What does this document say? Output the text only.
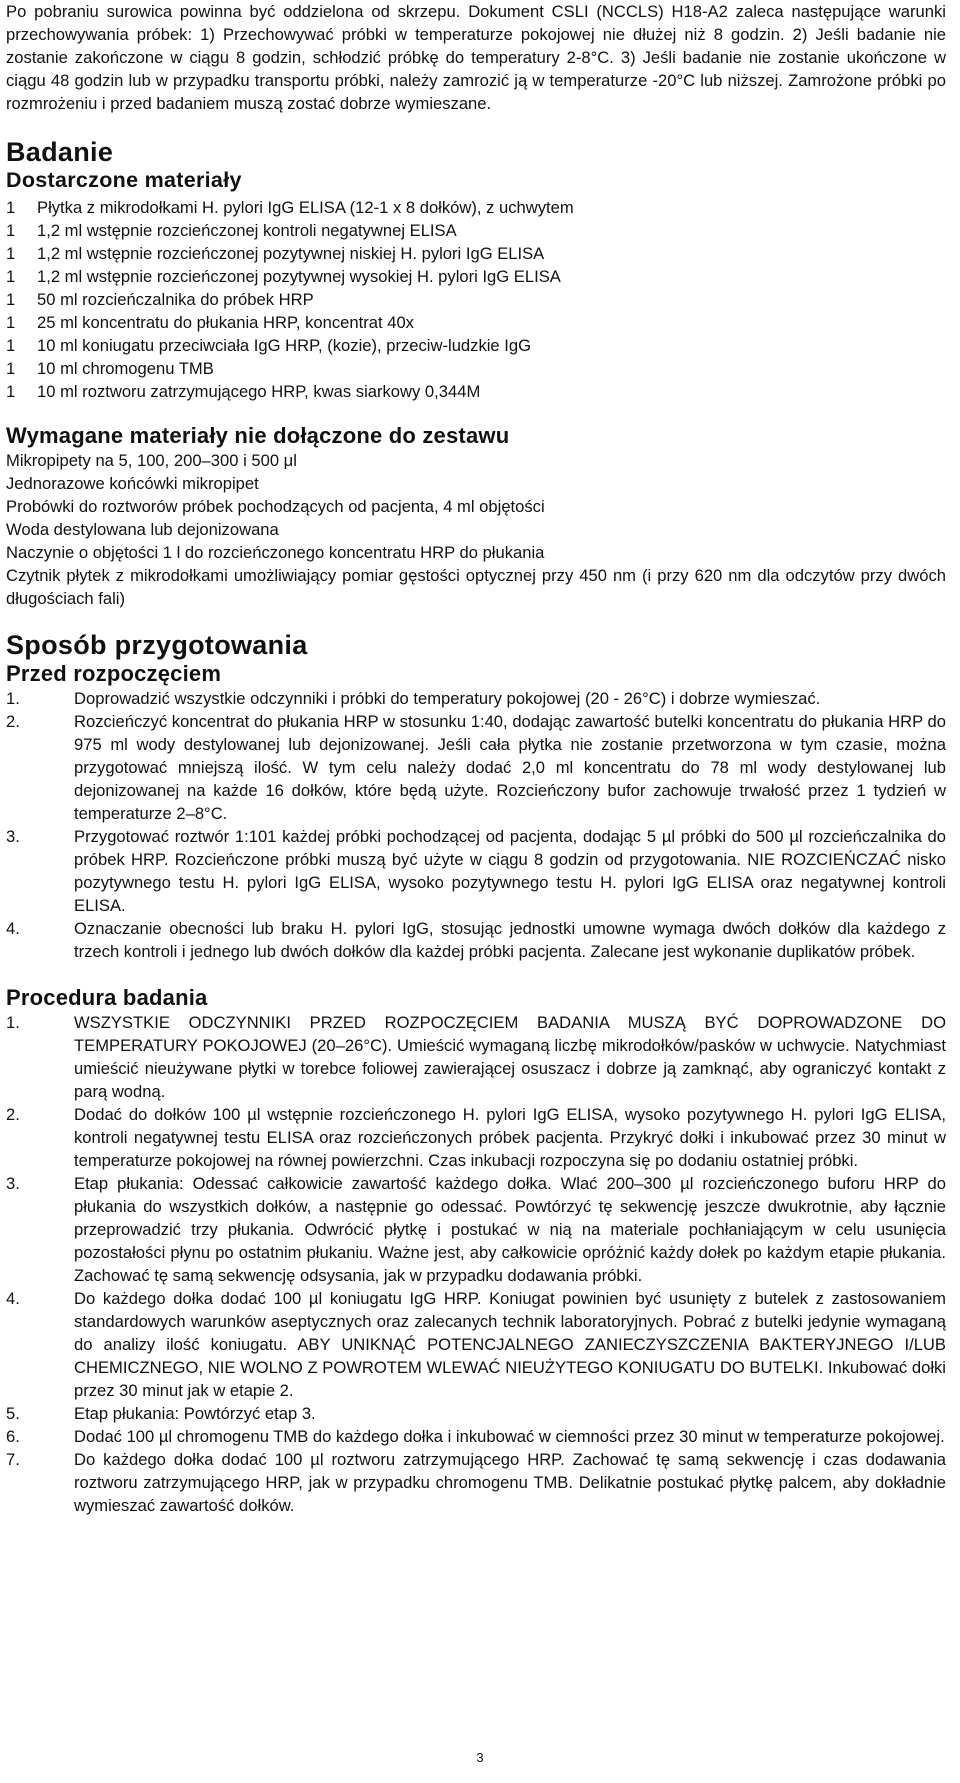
Po pobraniu surowica powinna być oddzielona od skrzepu. Dokument CSLI (NCCLS) H18-A2 zaleca następujące warunki przechowywania próbek: 1) Przechowywać próbki w temperaturze pokojowej nie dłużej niż 8 godzin. 2) Jeśli badanie nie zostanie zakończone w ciągu 8 godzin, schłodzić próbkę do temperatury 2-8°C. 3) Jeśli badanie nie zostanie ukończone w ciągu 48 godzin lub w przypadku transportu próbki, należy zamrozić ją w temperaturze -20°C lub niższej. Zamrożone próbki po rozmrożeniu i przed badaniem muszą zostać dobrze wymieszane.

Badanie
Dostarczone materiały
1	Płytka z mikrodołkami H. pylori IgG ELISA (12-1 x 8 dołków), z uchwytem
1	1,2 ml wstępnie rozcieńczonej kontroli negatywnej ELISA
1	1,2 ml wstępnie rozcieńczonej pozytywnej niskiej H. pylori IgG ELISA
1	1,2 ml wstępnie rozcieńczonej pozytywnej wysokiej H. pylori IgG ELISA
1	50 ml rozcieńczalnika do próbek HRP
1	25 ml koncentratu do płukania HRP, koncentrat 40x
1	10 ml koniugatu przeciwciała IgG HRP, (kozie), przeciw-ludzkie IgG
1	10 ml chromogenu TMB
1	10 ml roztworu zatrzymującego HRP, kwas siarkowy 0,344M
Wymagane materiały nie dołączone do zestawu

Mikropipety na 5, 100, 200–300 i 500 μl

Jednorazowe końcówki mikropipet

Probówki do roztworów próbek pochodzących od pacjenta, 4 ml objętości

Woda destylowana lub dejonizowana

Naczynie o objętości 1 l do rozcieńczonego koncentratu HRP do płukania

Czytnik płytek z mikrodołkami umożliwiający pomiar gęstości optycznej przy 450 nm (i przy 620 nm dla odczytów przy dwóch długościach fali)

Sposób przygotowania
Przed rozpoczęciem
1.	Doprowadzić wszystkie odczynniki i próbki do temperatury pokojowej (20 - 26°C) i dobrze wymieszać.
2.	Rozcieńczyć koncentrat do płukania HRP w stosunku 1:40, dodając zawartość butelki koncentratu do płukania HRP do 975 ml wody destylowanej lub dejonizowanej. Jeśli cała płytka nie zostanie przetworzona w tym czasie, można przygotować mniejszą ilość. W tym celu należy dodać 2,0 ml koncentratu do 78 ml wody destylowanej lub dejonizowanej na każde 16 dołków, które będą użyte. Rozcieńczony bufor zachowuje trwałość przez 1 tydzień w temperaturze 2–8°C.
3.	Przygotować roztwór 1:101 każdej próbki pochodzącej od pacjenta, dodając 5 µl próbki do 500 µl rozcieńczalnika do próbek HRP. Rozcieńczone próbki muszą być użyte w ciągu 8 godzin od przygotowania. NIE ROZCIEŃCZAĆ nisko pozytywnego testu H. pylori IgG ELISA, wysoko pozytywnego testu H. pylori IgG ELISA oraz negatywnej kontroli ELISA.
4.	Oznaczanie obecności lub braku H. pylori IgG, stosując jednostki umowne wymaga dwóch dołków dla każdego z trzech kontroli i jednego lub dwóch dołków dla każdej próbki pacjenta. Zalecane jest wykonanie duplikatów próbek.
Procedura badania
1.	WSZYSTKIE ODCZYNNIKI PRZED ROZPOCZĘCIEM BADANIA MUSZĄ BYĆ DOPROWADZONE DO TEMPERATURY POKOJOWEJ (20–26°C). Umieścić wymaganą liczbę mikrodołków/pasków w uchwycie. Natychmiast umieścić nieużywane płytki w torebce foliowej zawierającej osuszacz i dobrze ją zamknąć, aby ograniczyć kontakt z parą wodną.
2.	Dodać do dołków 100 µl wstępnie rozcieńczonego H. pylori IgG ELISA, wysoko pozytywnego H. pylori IgG ELISA, kontroli negatywnej testu ELISA oraz rozcieńczonych próbek pacjenta. Przykryć dołki i inkubować przez 30 minut w temperaturze pokojowej na równej powierzchni. Czas inkubacji rozpoczyna się po dodaniu ostatniej próbki.
3.	Etap płukania: Odessać całkowicie zawartość każdego dołka. Wlać 200–300 µl rozcieńczonego buforu HRP do płukania do wszystkich dołków, a następnie go odessać. Powtórzyć tę sekwencję jeszcze dwukrotnie, aby łącznie przeprowadzić trzy płukania. Odwrócić płytkę i postukać w nią na materiale pochłaniającym w celu usunięcia pozostałości płynu po ostatnim płukaniu. Ważne jest, aby całkowicie opróżnić każdy dołek po każdym etapie płukania. Zachować tę samą sekwencję odsysania, jak w przypadku dodawania próbki.
4.	Do każdego dołka dodać 100 µl koniugatu IgG HRP. Koniugat powinien być usunięty z butelek z zastosowaniem standardowych warunków aseptycznych oraz zalecanych technik laboratoryjnych. Pobrać z butelki jedynie wymaganą do analizy ilość koniugatu. ABY UNIKNĄĆ POTENCJALNEGO ZANIECZYSZCZENIA BAKTERYJNEGO I/LUB CHEMICZNEGO, NIE WOLNO Z POWROTEM WLEWAĆ NIEUŻYTEGO KONIUGATU DO BUTELKI. Inkubować dołki przez 30 minut jak w etapie 2.
5.	Etap płukania: Powtórzyć etap 3.
6.	Dodać 100 µl chromogenu TMB do każdego dołka i inkubować w ciemności przez 30 minut w temperaturze pokojowej.
7.	Do każdego dołka dodać 100 µl roztworu zatrzymującego HRP. Zachować tę samą sekwencję i czas dodawania roztworu zatrzymującego HRP, jak w przypadku chromogenu TMB. Delikatnie postukać płytkę palcem, aby dokładnie wymieszać zawartość dołków.
3
